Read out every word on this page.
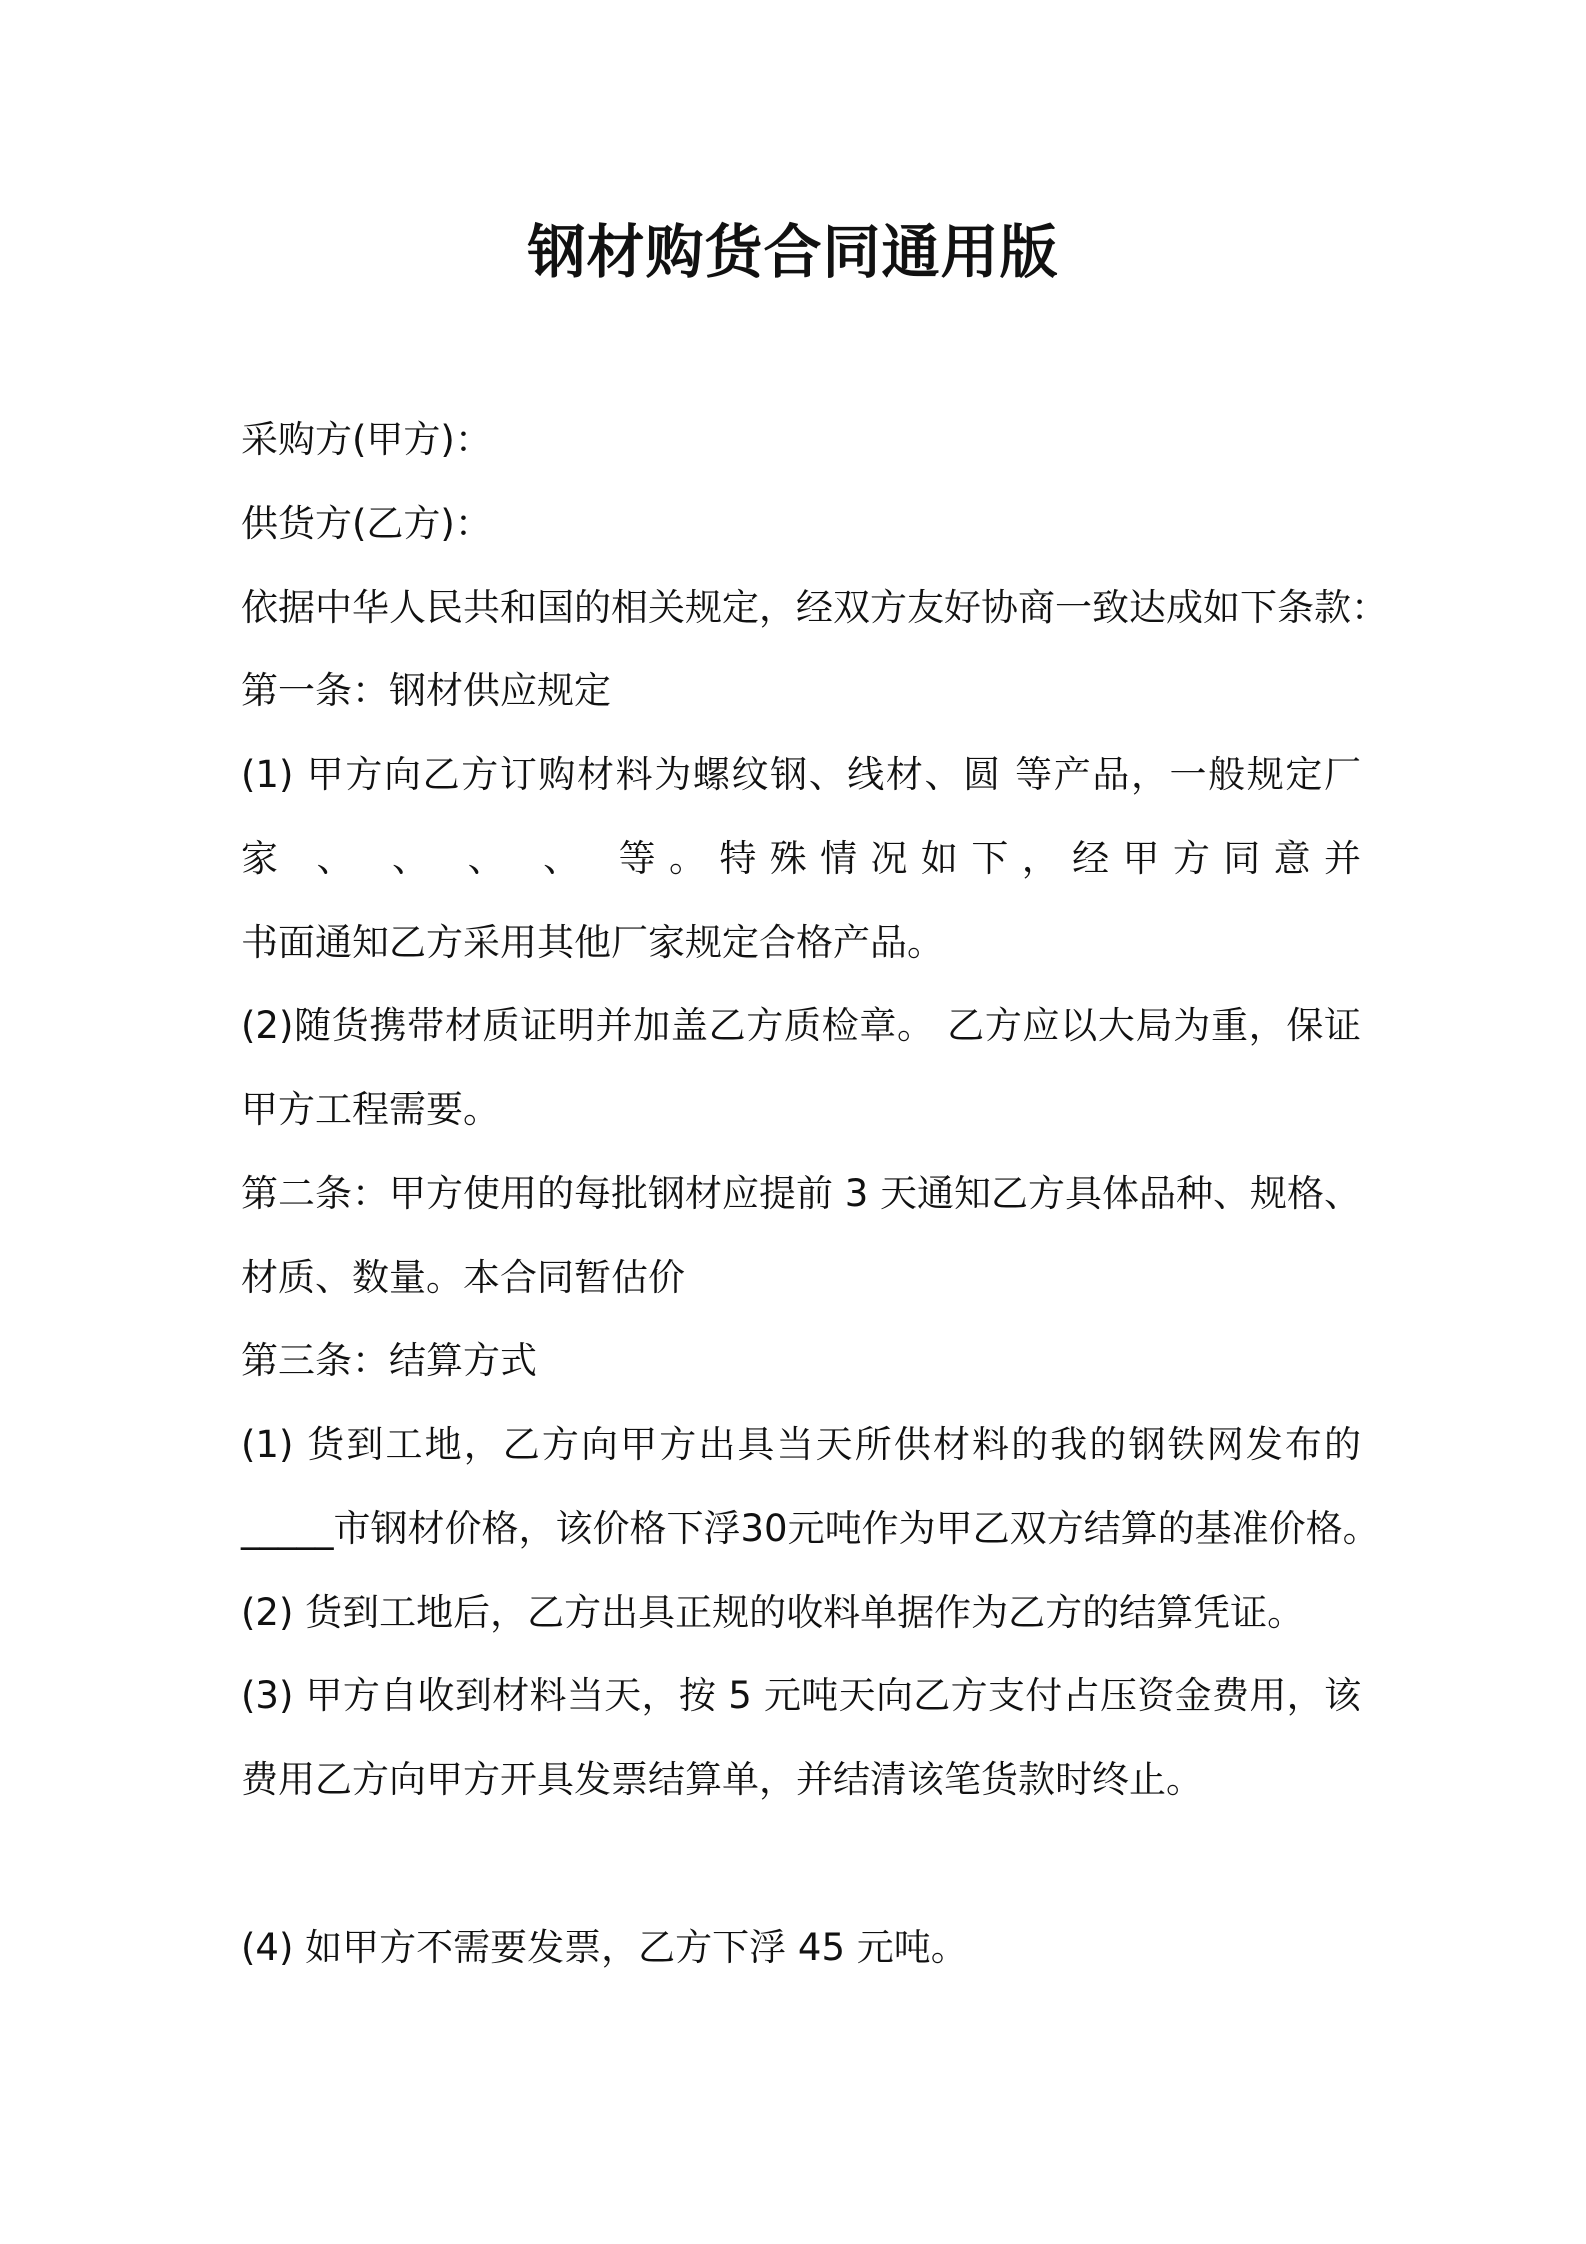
钢材购货合同通用版

采购方(甲方)：

供货方(乙方)：

依据中华人民共和国的相关规定，经双方友好协商一致达成如下条款：

第一条：钢材供应规定

(1) 甲方向乙方订购材料为螺纹钢、线材、圆 等产品，一般规定厂

家 、 、 、 、 等。特殊情况如下，经甲方同意并

书面通知乙方采用其他厂家规定合格产品。

(2)随货携带材质证明并加盖乙方质检章。 乙方应以大局为重，保证

甲方工程需要。

第二条：甲方使用的每批钢材应提前 3 天通知乙方具体品种、规格、

材质、数量。本合同暂估价

第三条：结算方式

(1) 货到工地，乙方向甲方出具当天所供材料的我的钢铁网发布的

_____市钢材价格，该价格下浮30元吨作为甲乙双方结算的基准价格。

(2) 货到工地后，乙方出具正规的收料单据作为乙方的结算凭证。

(3) 甲方自收到材料当天，按 5 元吨天向乙方支付占压资金费用，该

费用乙方向甲方开具发票结算单，并结清该笔货款时终止。

(4) 如甲方不需要发票，乙方下浮 45 元吨。
